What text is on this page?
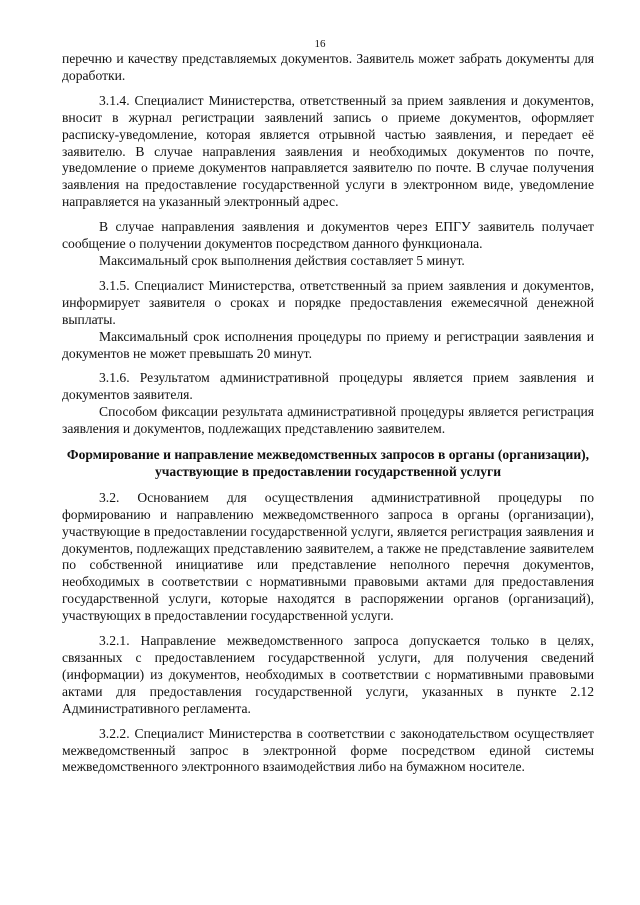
16

перечню и качеству представляемых документов. Заявитель может забрать документы для доработки.

3.1.4. Специалист Министерства, ответственный за прием заявления и документов, вносит в журнал регистрации заявлений запись о приеме документов, оформляет расписку-уведомление, которая является отрывной частью заявления, и передает её заявителю. В случае направления заявления и необходимых документов по почте, уведомление о приеме документов направляется заявителю по почте. В случае получения заявления на предоставление государственной услуги в электронном виде, уведомление направляется на указанный электронный адрес.

В случае направления заявления и документов через ЕПГУ заявитель получает сообщение о получении документов посредством данного функционала.

Максимальный срок выполнения действия составляет 5 минут.

3.1.5. Специалист Министерства, ответственный за прием заявления и документов, информирует заявителя о сроках и порядке предоставления ежемесячной денежной выплаты.

Максимальный срок исполнения процедуры по приему и регистрации заявления и документов не может превышать 20 минут.

3.1.6. Результатом административной процедуры является прием заявления и документов заявителя.

Способом фиксации результата административной процедуры является регистрация заявления и документов, подлежащих представлению заявителем.

Формирование и направление межведомственных запросов в органы (организации), участвующие в предоставлении государственной услуги

3.2. Основанием для осуществления административной процедуры по формированию и направлению межведомственного запроса в органы (организации), участвующие в предоставлении государственной услуги, является регистрация заявления и документов, подлежащих представлению заявителем, а также не представление заявителем по собственной инициативе или представление неполного перечня документов, необходимых в соответствии с нормативными правовыми актами для предоставления государственной услуги, которые находятся в распоряжении органов (организаций), участвующих в предоставлении государственной услуги.

3.2.1. Направление межведомственного запроса допускается только в целях, связанных с предоставлением государственной услуги, для получения сведений (информации) из документов, необходимых в соответствии с нормативными правовыми актами для предоставления государственной услуги, указанных в пункте 2.12 Административного регламента.

3.2.2. Специалист Министерства в соответствии с законодательством осуществляет межведомственный запрос в электронной форме посредством единой системы межведомственного электронного взаимодействия либо на бумажном носителе.
